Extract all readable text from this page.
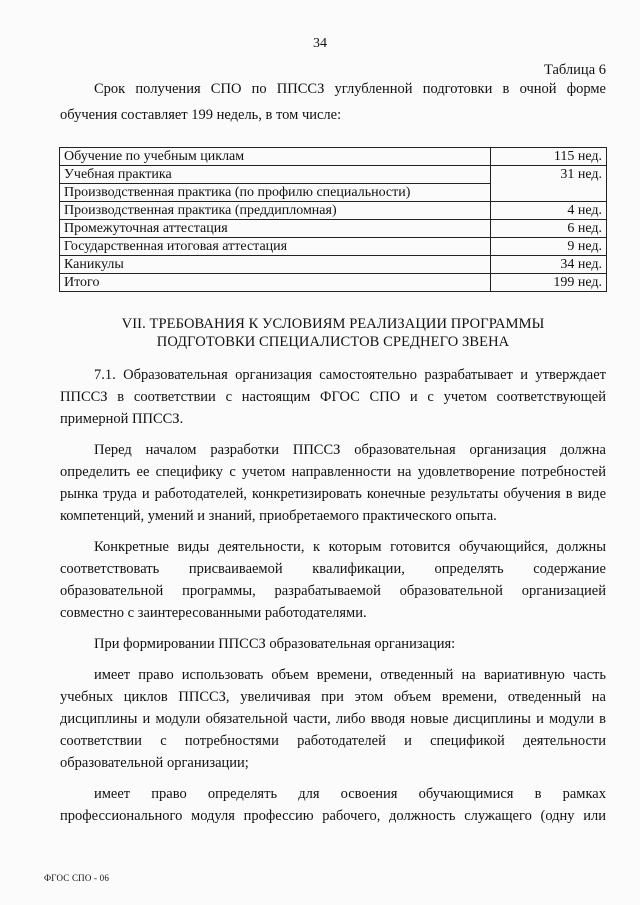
34
Таблица 6

Срок получения СПО по ППССЗ углубленной подготовки в очной форме обучения составляет 199 недель, в том числе:

Обучение по учебным циклам	115 нед.
Учебная практика	31 нед.
Производственная практика (по профилю специальности)	
Производственная практика (преддипломная)	4 нед.
Промежуточная аттестация	6 нед.
Государственная итоговая аттестация	9 нед.
Каникулы	34 нед.
Итого	199 нед.
VII. ТРЕБОВАНИЯ К УСЛОВИЯМ РЕАЛИЗАЦИИ ПРОГРАММЫ
ПОДГОТОВКИ СПЕЦИАЛИСТОВ СРЕДНЕГО ЗВЕНА

7.1. Образовательная организация самостоятельно разрабатывает и утверждает ППССЗ в соответствии с настоящим ФГОС СПО и с учетом соответствующей примерной ППССЗ.

Перед началом разработки ППССЗ образовательная организация должна определить ее специфику с учетом направленности на удовлетворение потребностей рынка труда и работодателей, конкретизировать конечные результаты обучения в виде компетенций, умений и знаний, приобретаемого практического опыта.

Конкретные виды деятельности, к которым готовится обучающийся, должны соответствовать присваиваемой квалификации, определять содержание образовательной программы, разрабатываемой образовательной организацией совместно с заинтересованными работодателями.

При формировании ППССЗ образовательная организация:

имеет право использовать объем времени, отведенный на вариативную часть учебных циклов ППССЗ, увеличивая при этом объем времени, отведенный на дисциплины и модули обязательной части, либо вводя новые дисциплины и модули в соответствии с потребностями работодателей и спецификой деятельности образовательной организации;

имеет право определять для освоения обучающимися в рамках профессионального модуля профессию рабочего, должность служащего (одну или

ФГОС СПО - 06
